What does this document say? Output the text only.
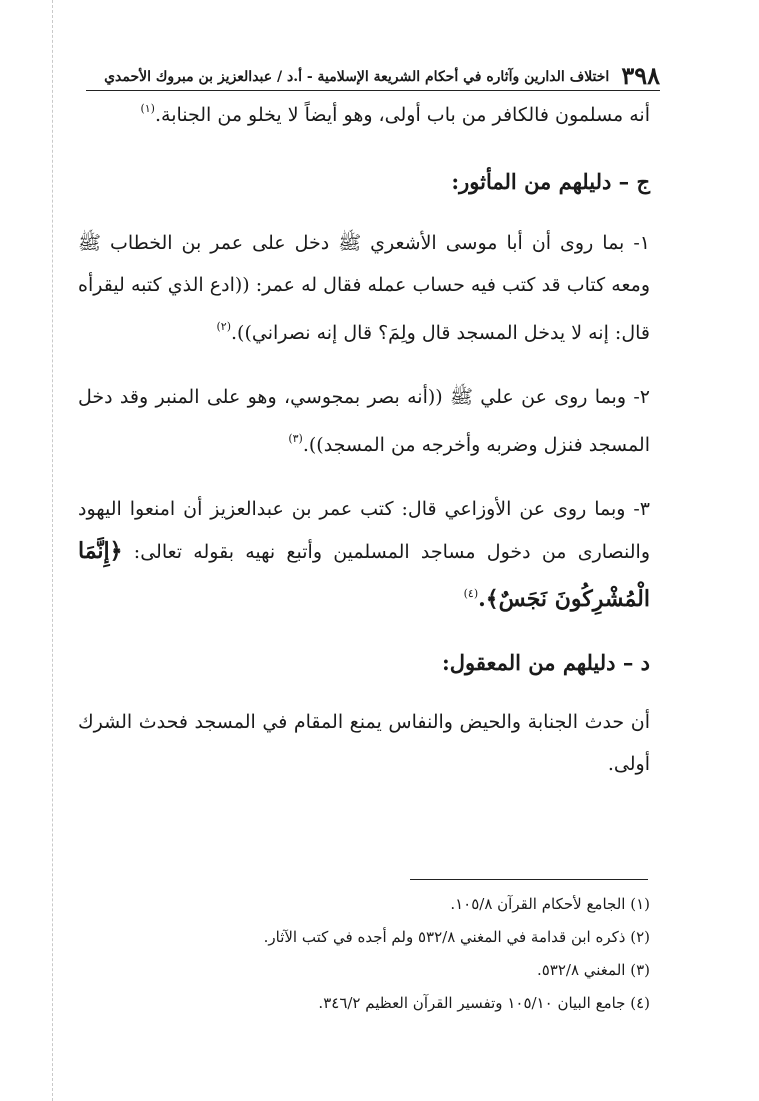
٣٩٨
اختلاف الدارين وآثاره في أحكام الشريعة الإسلامية - أ.د / عبدالعزيز بن مبروك الأحمدي

أنه مسلمون فالكافر من باب أولى، وهو أيضاً لا يخلو من الجنابة.$^{(١)}$

ج – دليلهم من المأثور:

١- بما روى أن أبا موسى الأشعري ﷺ دخل على عمر بن الخطاب ﷺ ومعه كتاب قد كتب فيه حساب عمله فقال له عمر: ((ادع الذي كتبه ليقرأه قال: إنه لا يدخل المسجد قال ولِمَ؟ قال إنه نصراني)).$^{(٢)}$

٢- وبما روى عن علي ﷺ ((أنه بصر بمجوسي، وهو على المنبر وقد دخل المسجد فنزل وضربه وأخرجه من المسجد)).$^{(٣)}$

٣- وبما روى عن الأوزاعي قال: كتب عمر بن عبدالعزيز أن امنعوا اليهود والنصارى من دخول مساجد المسلمين وأتبع نهيه بقوله تعالى: ﴿إِنَّمَا الْمُشْرِكُونَ نَجَسٌ﴾.$^{(٤)}$

د – دليلهم من المعقول:

أن حدث الجنابة والحيض والنفاس يمنع المقام في المسجد فحدث الشرك أولى.

(١) الجامع لأحكام القرآن ١٠٥/٨.

(٢) ذكره ابن قدامة في المغني ٥٣٢/٨ ولم أجده في كتب الآثار.

(٣) المغني ٥٣٢/٨.

(٤) جامع البيان ١٠٥/١٠ وتفسير القرآن العظيم ٣٤٦/٢.
